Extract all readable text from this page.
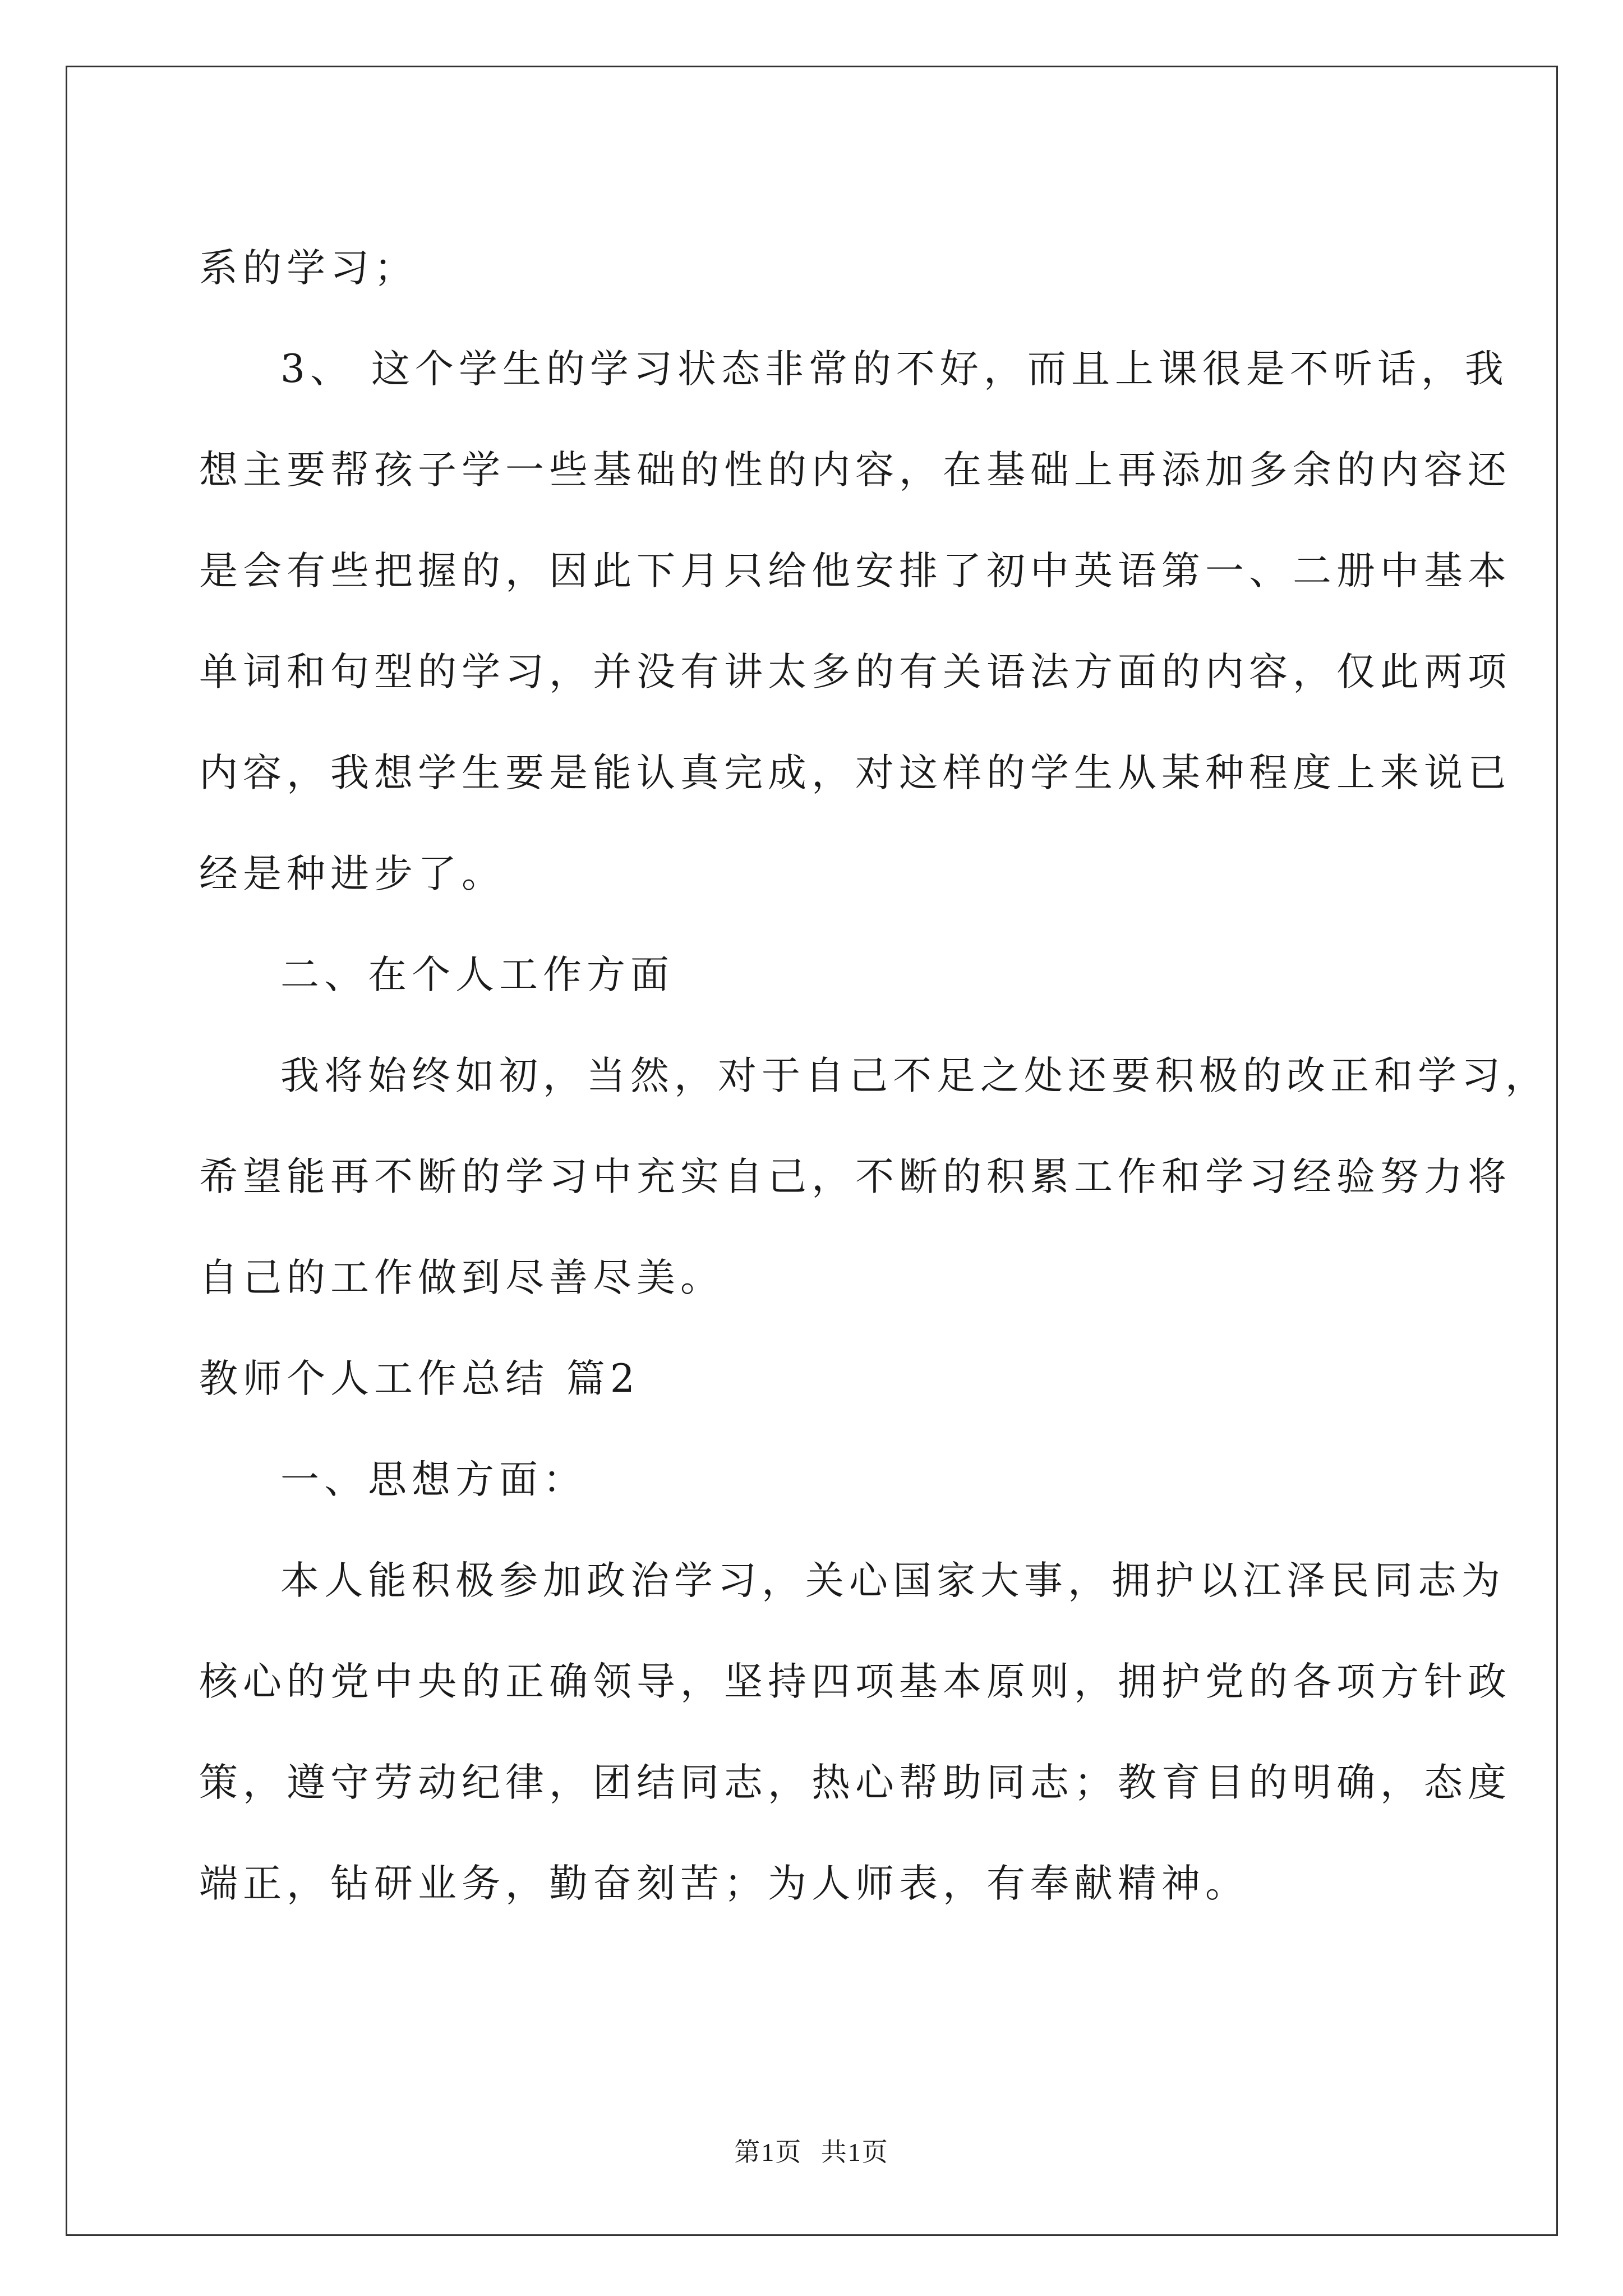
系的学习；
3、 这个学生的学习状态非常的不好，而且上课很是不听话，我
想主要帮孩子学一些基础的性的内容，在基础上再添加多余的内容还
是会有些把握的，因此下月只给他安排了初中英语第一、二册中基本
单词和句型的学习，并没有讲太多的有关语法方面的内容，仅此两项
内容，我想学生要是能认真完成，对这样的学生从某种程度上来说已
经是种进步了。
二、在个人工作方面
我将始终如初，当然，对于自己不足之处还要积极的改正和学习，
希望能再不断的学习中充实自己，不断的积累工作和学习经验努力将
自己的工作做到尽善尽美。
教师个人工作总结 篇2
一、思想方面：
本人能积极参加政治学习，关心国家大事，拥护以江泽民同志为
核心的党中央的正确领导，坚持四项基本原则，拥护党的各项方针政
策，遵守劳动纪律，团结同志，热心帮助同志；教育目的明确，态度
端正，钻研业务，勤奋刻苦；为人师表，有奉献精神。
第1页 共1页
